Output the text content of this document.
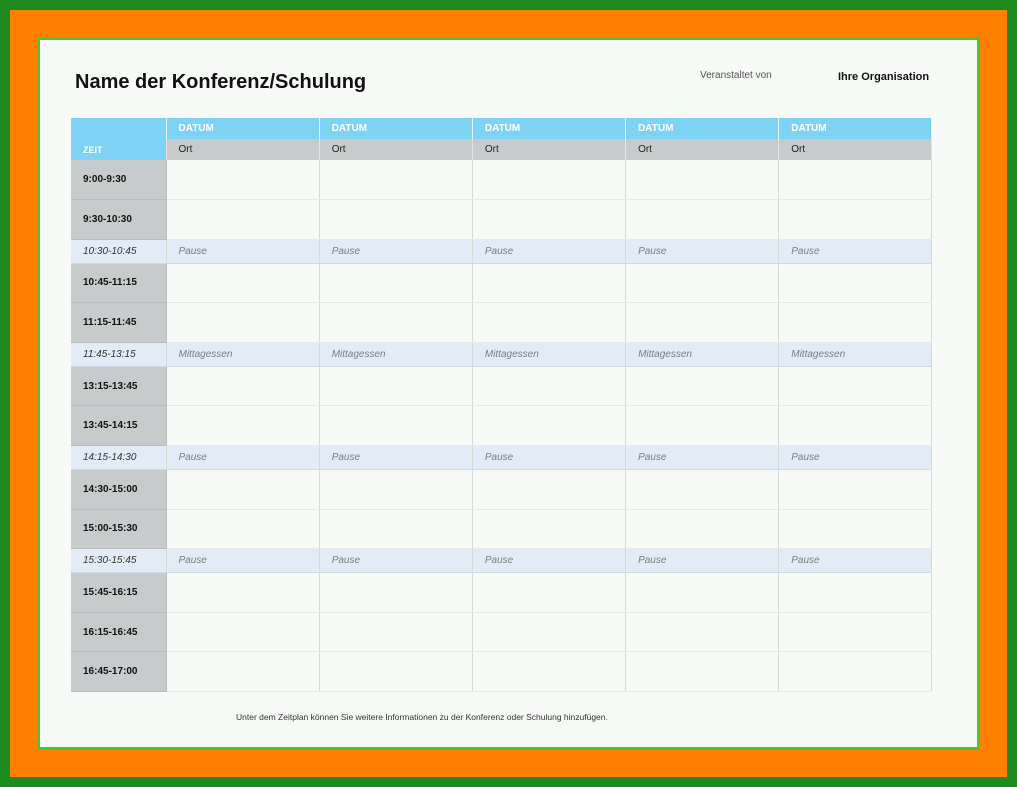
Name der Konferenz/Schulung	Veranstaltet von	Ihre Organisation
	DATUM	DATUM	DATUM	DATUM	DATUM
ZEIT	Ort	Ort	Ort	Ort	Ort
9:00-9:30					
9:30-10:30					
10:30-10:45	Pause	Pause	Pause	Pause	Pause
10:45-11:15					
11:15-11:45					
11:45-13:15	Mittagessen	Mittagessen	Mittagessen	Mittagessen	Mittagessen
13:15-13:45					
13:45-14:15					
14:15-14:30	Pause	Pause	Pause	Pause	Pause
14:30-15:00					
15:00-15:30					
15:30-15:45	Pause	Pause	Pause	Pause	Pause
15:45-16:15					
16:15-16:45					
16:45-17:00					
Unter dem Zeitplan können Sie weitere Informationen zu der Konferenz oder Schulung hinzufügen.
